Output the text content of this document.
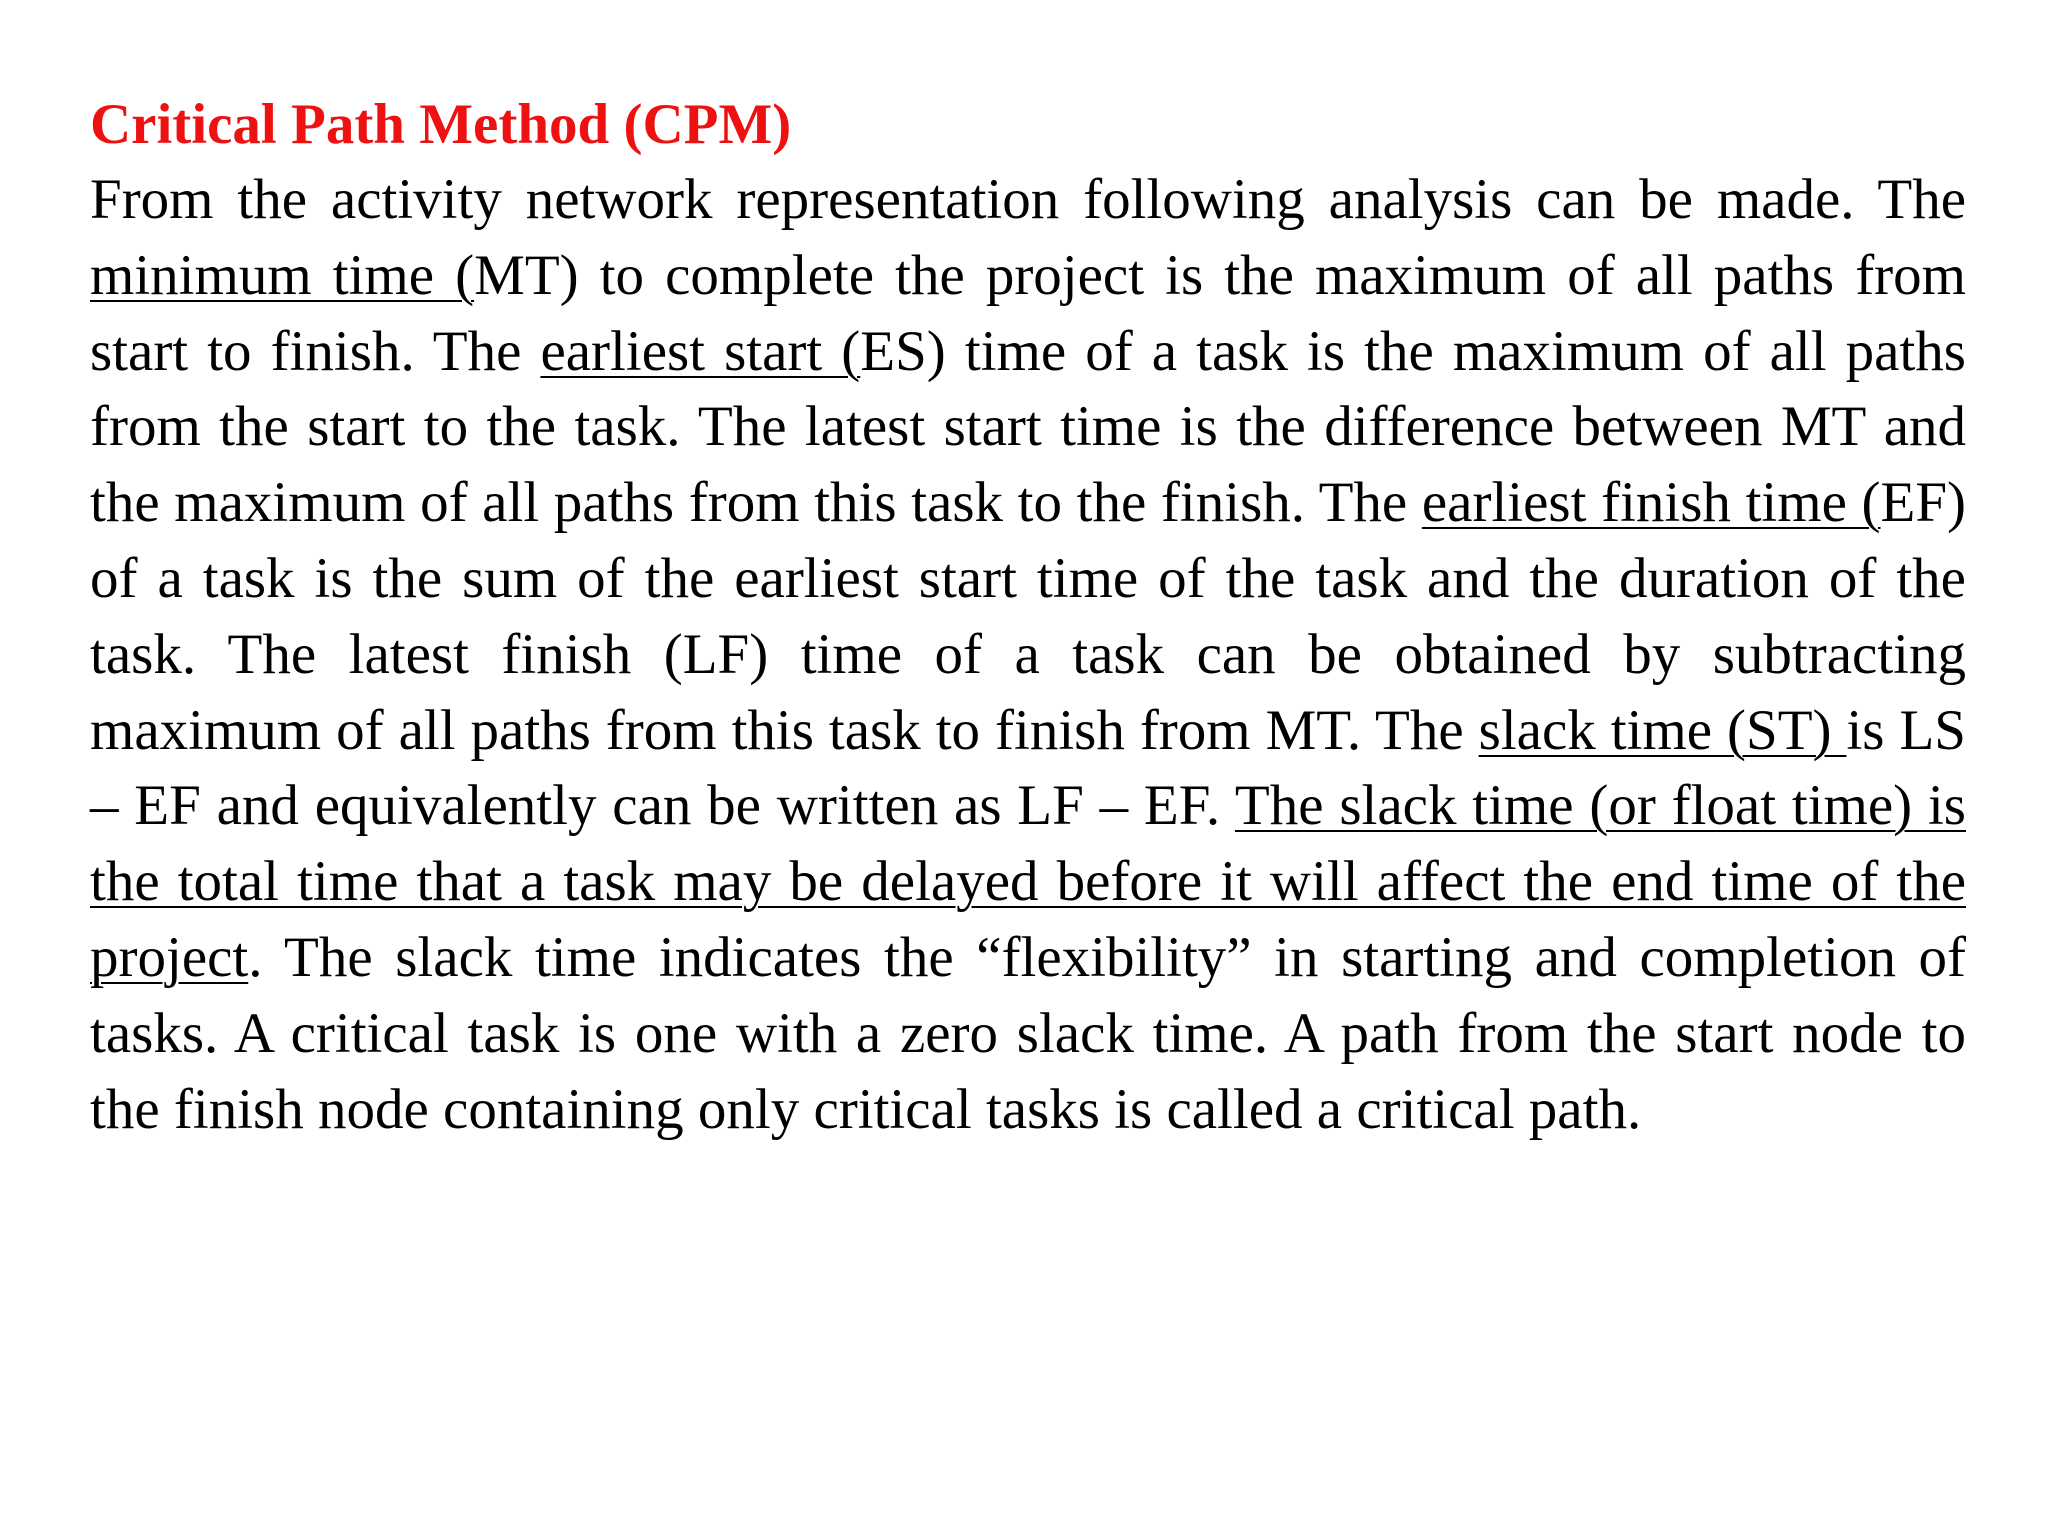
Critical Path Method (CPM)

From the activity network representation following analysis can be made. The minimum time (MT) to complete the project is the maximum of all paths from start to finish. The earliest start (ES) time of a task is the maximum of all paths from the start to the task. The latest start time is the difference between MT and the maximum of all paths from this task to the finish. The earliest finish time (EF) of a task is the sum of the earliest start time of the task and the duration of the task. The latest finish (LF) time of a task can be obtained by subtracting maximum of all paths from this task to finish from MT. The slack time (ST) is LS – EF and equivalently can be written as LF – EF. The slack time (or float time) is the total time that a task may be delayed before it will affect the end time of the project. The slack time indicates the “flexibility” in starting and completion of tasks. A critical task is one with a zero slack time. A path from the start node to the finish node containing only critical tasks is called a critical path.
